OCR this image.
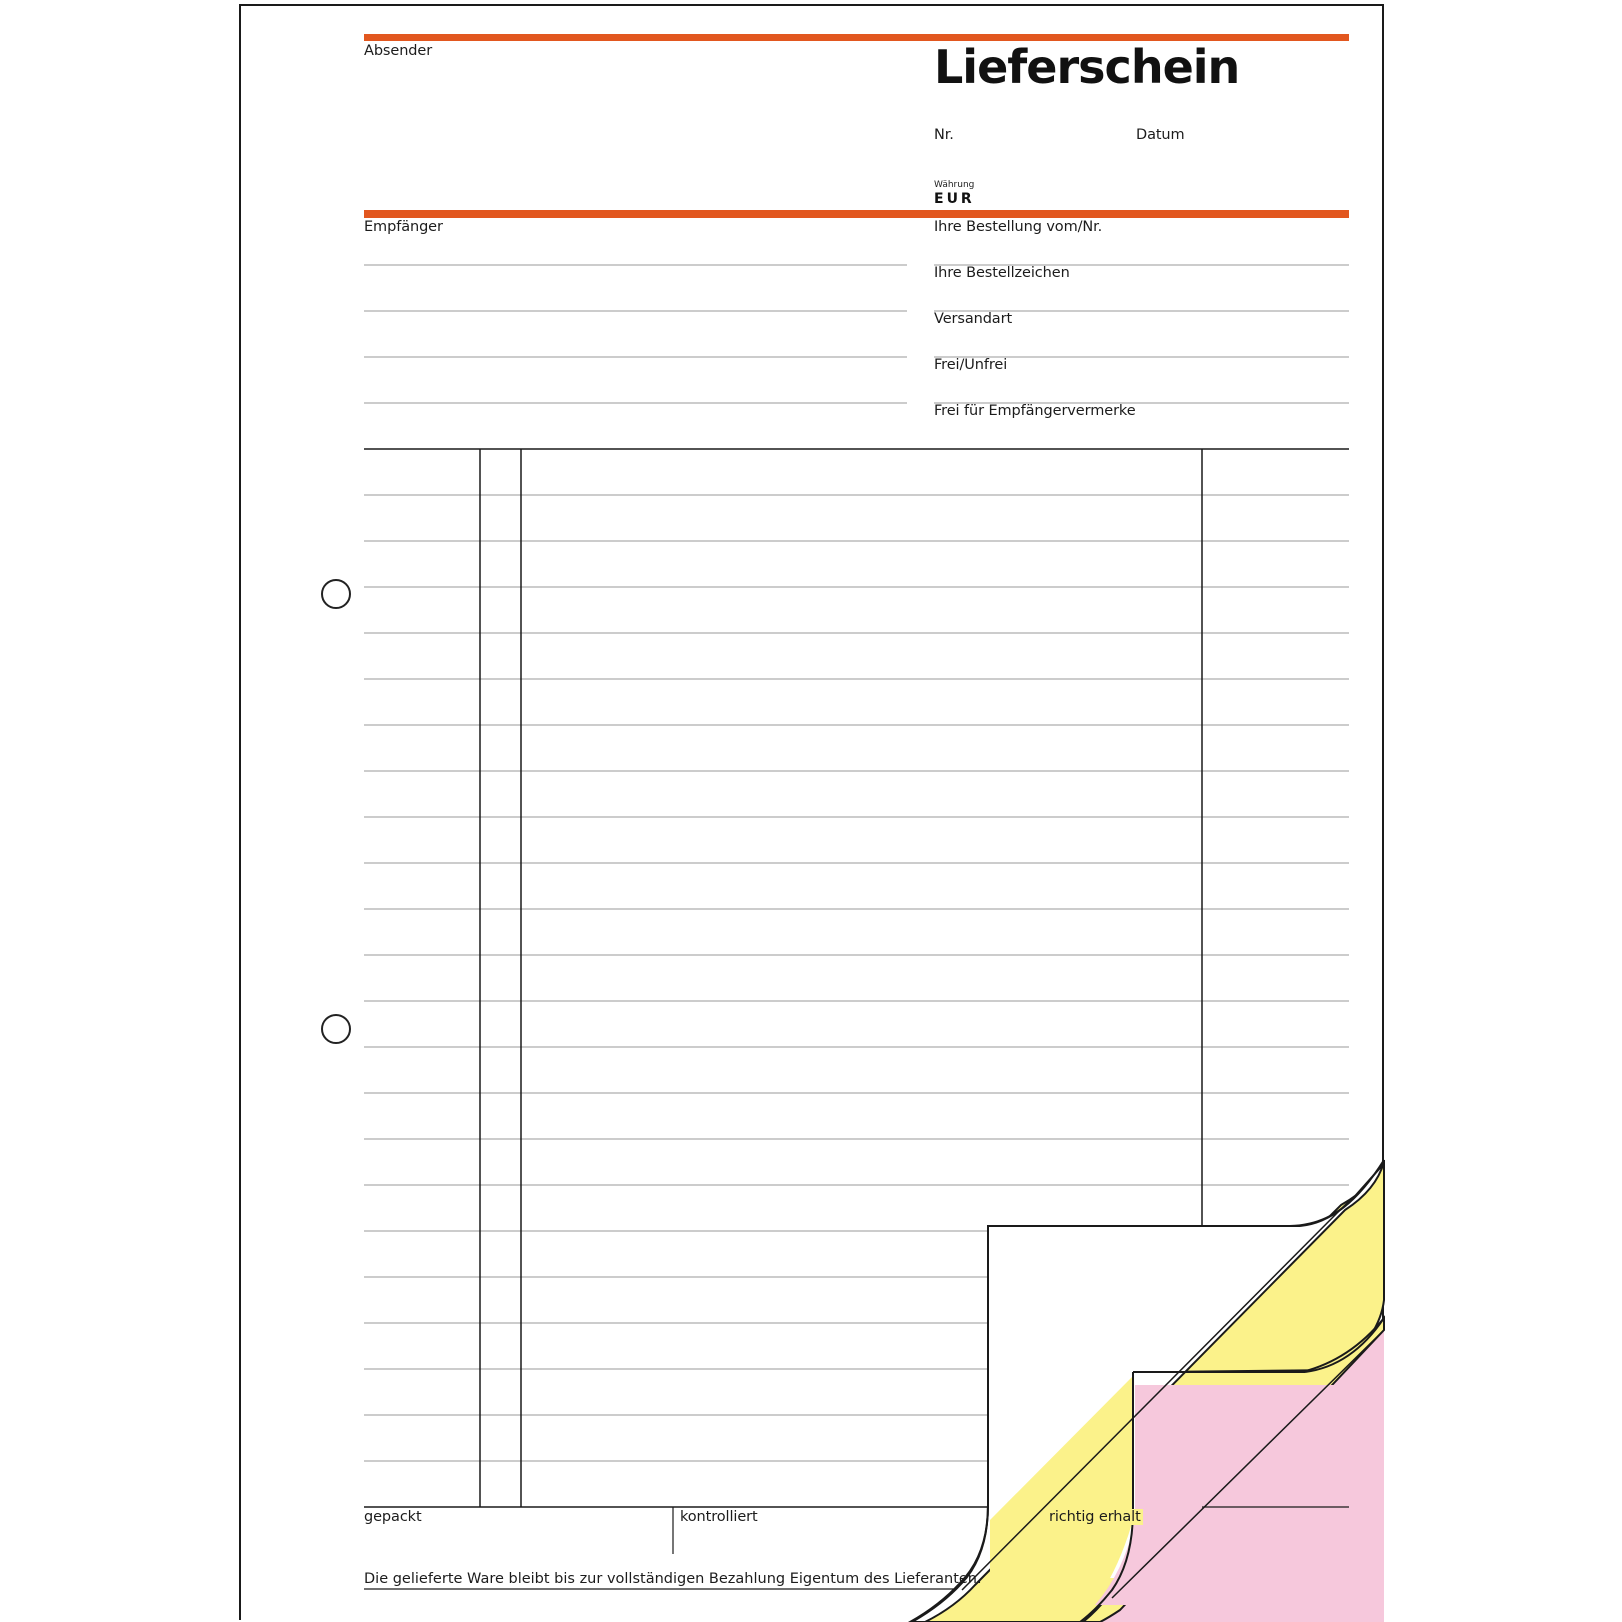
Absender	Lieferschein
Nr.	Datum
Währung
EUR
Empfänger	Ihre Bestellung vom/Nr.
Ihre Bestellzeichen
Versandart
Frei/Unfrei
Frei für Empfängervermerke
gepackt	kontrolliert	richtig erhalt
Die gelieferte Ware bleibt bis zur vollständigen Bezahlung Eigentum des Lieferanten.
